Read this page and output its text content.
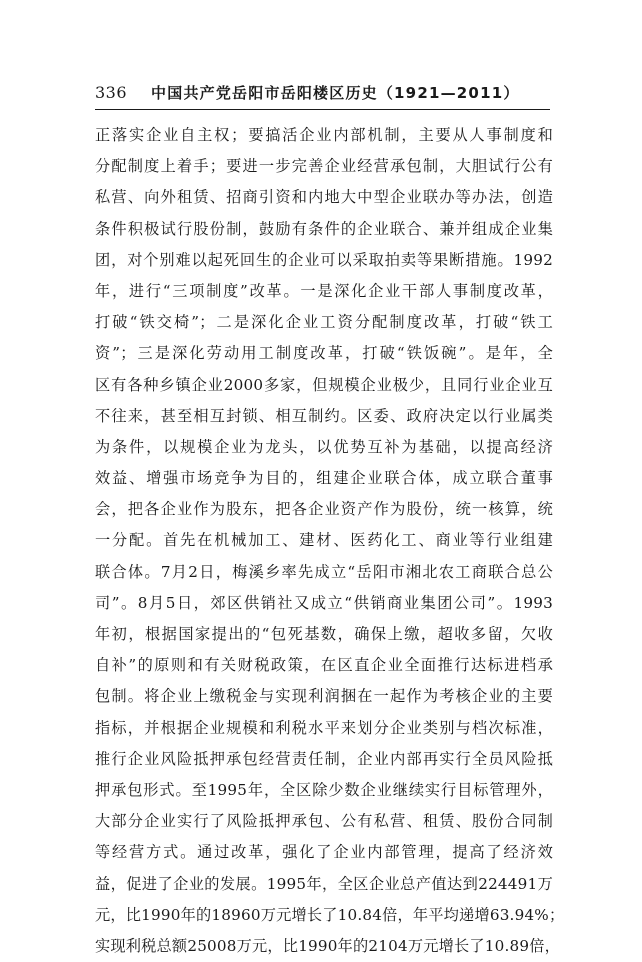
336 中国共产党岳阳市岳阳楼区历史（1921—2011）
正落实企业自主权；要搞活企业内部机制，主要从人事制度和
分配制度上着手；要进一步完善企业经营承包制，大胆试行公有
私营、向外租赁、招商引资和内地大中型企业联办等办法，创造
条件积极试行股份制，鼓励有条件的企业联合、兼并组成企业集
团，对个别难以起死回生的企业可以采取拍卖等果断措施。1992
年，进行“三项制度”改革。一是深化企业干部人事制度改革，
打破“铁交椅”；二是深化企业工资分配制度改革，打破“铁工
资”；三是深化劳动用工制度改革，打破“铁饭碗”。是年，全
区有各种乡镇企业2000多家，但规模企业极少，且同行业企业互
不往来，甚至相互封锁、相互制约。区委、政府决定以行业属类
为条件，以规模企业为龙头，以优势互补为基础，以提高经济
效益、增强市场竞争为目的，组建企业联合体，成立联合董事
会，把各企业作为股东，把各企业资产作为股份，统一核算，统
一分配。首先在机械加工、建材、医药化工、商业等行业组建
联合体。7月2日，梅溪乡率先成立“岳阳市湘北农工商联合总公
司”。8月5日，郊区供销社又成立“供销商业集团公司”。1993
年初，根据国家提出的“包死基数，确保上缴，超收多留，欠收
自补”的原则和有关财税政策，在区直企业全面推行达标进档承
包制。将企业上缴税金与实现利润捆在一起作为考核企业的主要
指标，并根据企业规模和利税水平来划分企业类别与档次标准，
推行企业风险抵押承包经营责任制，企业内部再实行全员风险抵
押承包形式。至1995年，全区除少数企业继续实行目标管理外，
大部分企业实行了风险抵押承包、公有私营、租赁、股份合同制
等经营方式。通过改革，强化了企业内部管理，提高了经济效
益，促进了企业的发展。1995年，全区企业总产值达到224491万
元，比1990年的18960万元增长了10.84倍，年平均递增63.94%；
实现利税总额25008万元，比1990年的2104万元增长了10.89倍，
